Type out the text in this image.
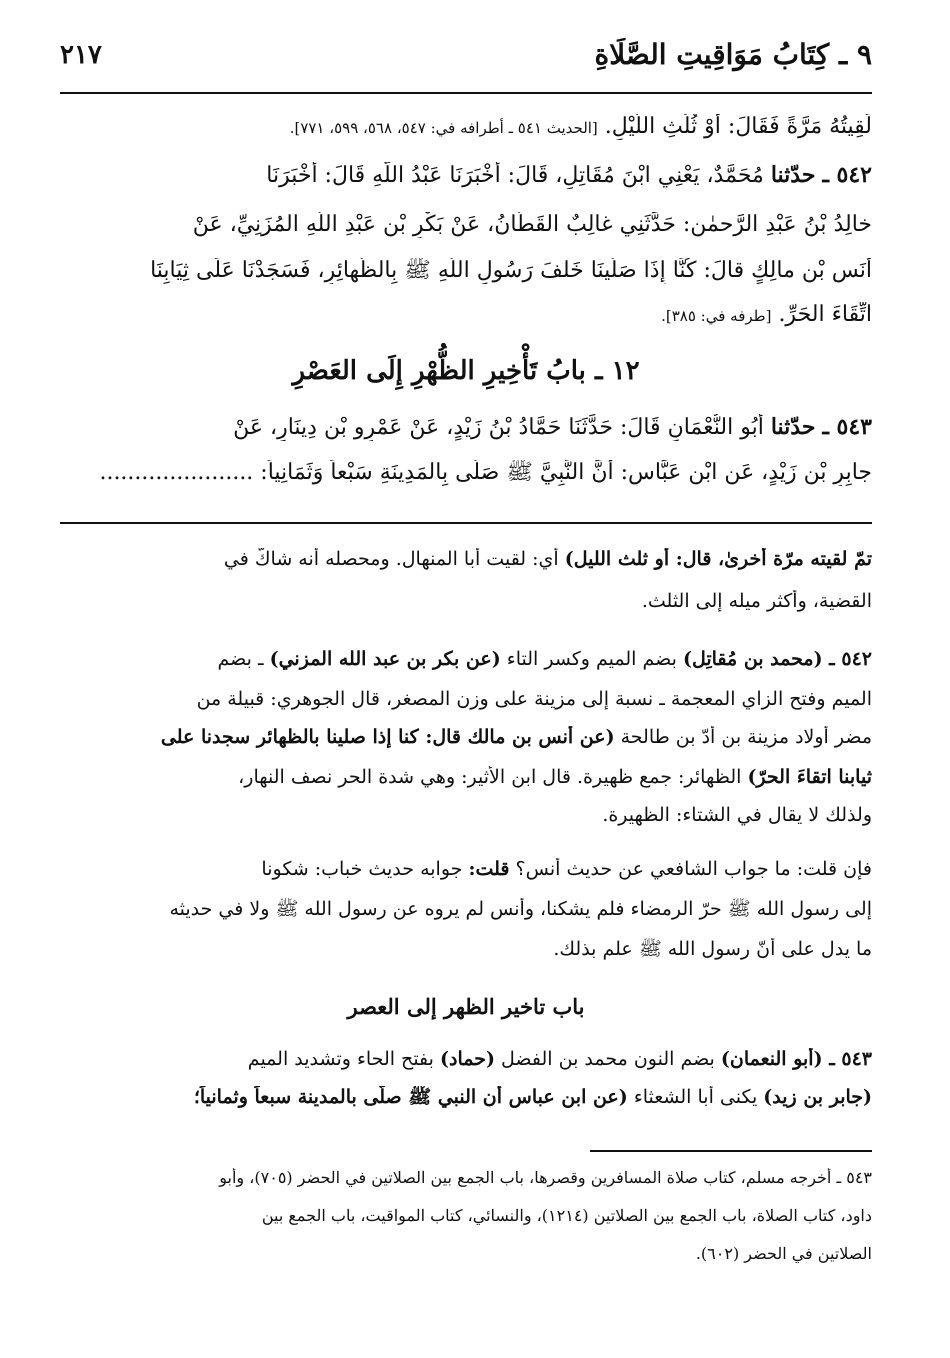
٩ ـ كِتَابُ مَوَاقِيتِ الصَّلَاةِ
٢١٧
لَقِيتُهُ مَرَّةً فَقَالَ: أَوْ ثُلُثِ اللَّيْلِ. [الحديث ٥٤١ ـ أطرافه في: ٥٤٧، ٥٦٨، ٥٩٩، ٧٧١].
٥٤٢ ـ حدّثنا مُحَمَّدٌ، يَعْنِي ابْنَ مُقَاتِلٍ، قَالَ: أَخْبَرَنَا عَبْدُ اللَّهِ قَالَ: أَخْبَرَنَا
خالِدُ بْنُ عَبْدِ الرَّحمٰنِ: حَدَّثَنِي غالِبٌ القَطَّانُ، عَنْ بَكْرِ بْنِ عَبْدِ اللَّهِ المُزَنِيِّ، عَنْ
أَنَسِ بْنِ مالِكٍ قالَ: كُنَّا إِذَا صَلَّينَا خَلفَ رَسُولِ اللَّهِ ﷺ بِالظَّهائِرِ، فَسَجَدْنَا عَلَى ثِيَابِنَا
اتِّقَاءَ الحَرِّ. [طرفه في: ٣٨٥].
١٢ ـ بابُ تَأْخِيرِ الظُّهْرِ إِلَى العَصْرِ
٥٤٣ ـ حدّثنا أَبُو النُّعْمَانِ قَالَ: حَدَّثَنَا حَمَّادُ بْنُ زَيْدٍ، عَنْ عَمْرِو بْنِ دِينَارٍ، عَنْ
جابِرِ بْنِ زَيْدٍ، عَنِ ابْنِ عَبَّاسٍ: أَنَّ النَّبِيَّ ﷺ صَلَّى بِالمَدِينَةِ سَبْعاً وَثَمَانِياً: ......................
تمّ لقيته مرّة أخرىٰ، قال: أو ثلث الليل) أي: لقيت أبا المنهال. ومحصله أنه شاكٌّ في
القضية، وأكثر ميله إلى الثلث.
٥٤٢ ـ (محمد بن مُقاتِل) بضم الميم وكسر التاء (عن بكر بن عبد الله المزني) ـ بضم
الميم وفتح الزاي المعجمة ـ نسبة إلى مزينة على وزن المصغر، قال الجوهري: قبيلة من
مضر أولاد مزينة بن أدّ بن طالحة (عن أنس بن مالك قال: كنا إذا صلينا بالظهائر سجدنا على
ثيابنا اتقاءَ الحرّ) الظهائر: جمع ظهيرة. قال ابن الأثير: وهي شدة الحر نصف النهار،
ولذلك لا يقال في الشتاء: الظهيرة.
فإن قلت: ما جواب الشافعي عن حديث أنس؟ قلت: جوابه حديث خباب: شكونا
إلى رسول الله ﷺ حرّ الرمضاء فلم يشكنا، وأنس لم يروه عن رسول الله ﷺ ولا في حديثه
ما يدل على أنّ رسول الله ﷺ علم بذلك.
باب تاخير الظهر إلى العصر
٥٤٣ ـ (أبو النعمان) بضم النون محمد بن الفضل (حماد) بفتح الحاء وتشديد الميم
(جابر بن زيد) يكنى أبا الشعثاء (عن ابن عباس أن النبي ﷺ صلّى بالمدينة سبعاً وثمانياً؛
٥٤٣ ـ أخرجه مسلم، كتاب صلاة المسافرين وقصرها، باب الجمع بين الصلاتين في الحضر (٧٠٥)، وأبو
داود، كتاب الصلاة، باب الجمع بين الصلاتين (١٢١٤)، والنسائي، كتاب المواقيت، باب الجمع بين
الصلاتين في الحضر (٦٠٢).
